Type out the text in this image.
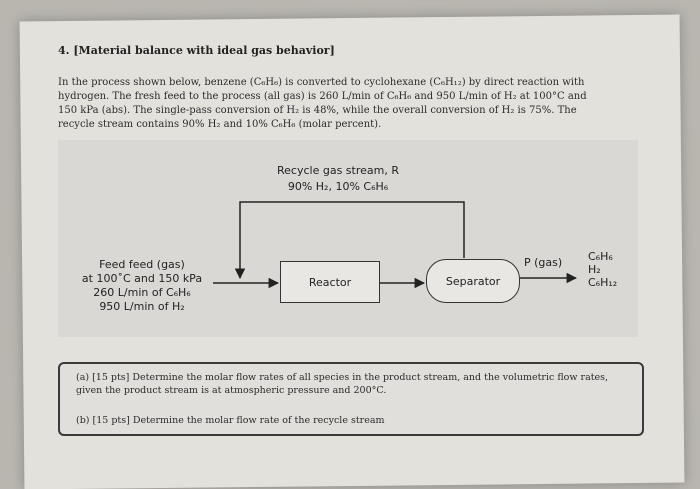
4. [Material balance with ideal gas behavior]

In the process shown below, benzene (C₆H₆) is converted to cyclohexane (C₆H₁₂) by direct reaction with

hydrogen. The fresh feed to the process (all gas) is 260 L/min of C₆H₆ and 950 L/min of H₂ at 100°C and

150 kPa (abs). The single-pass conversion of H₂ is 48%, while the overall conversion of H₂ is 75%. The

recycle stream contains 90% H₂ and 10% C₆H₆ (molar percent).

Recycle gas stream, R
90% H₂, 10% C₆H₆
Feed feed (gas)
at 100˚C and 150 kPa
260 L/min of C₆H₆
950 L/min of H₂
Reactor	Separator
P (gas) C₆H₆
H₂
C₆H₁₂
(a) [15 pts] Determine the molar flow rates of all species in the product stream, and the volumetric flow rates, given the product stream is at atmospheric pressure and 200°C.
(b) [15 pts] Determine the molar flow rate of the recycle stream
